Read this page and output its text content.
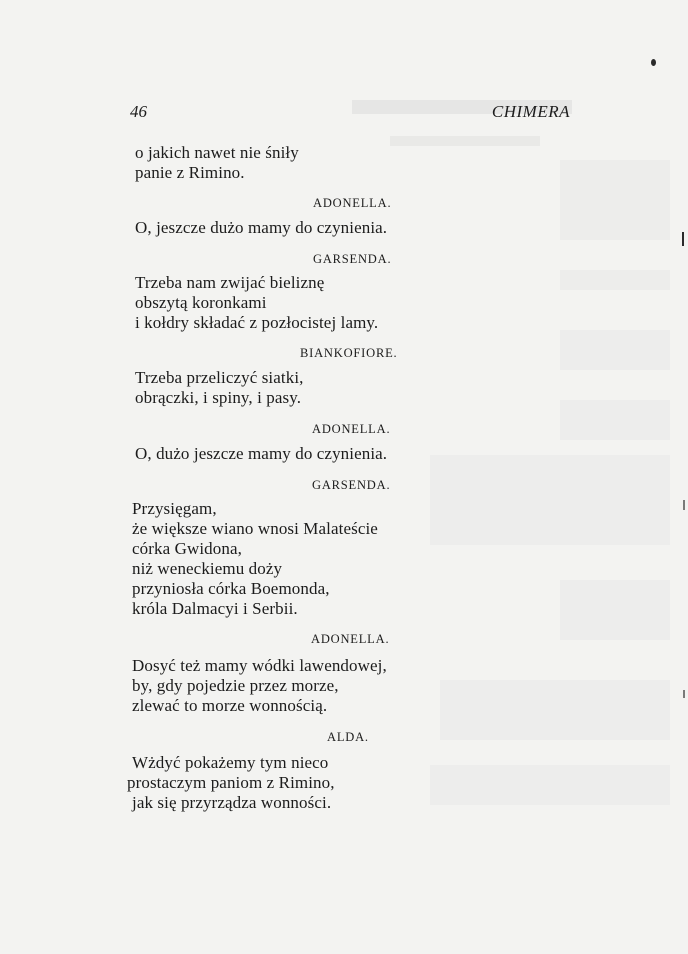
46	CHIMERA
o jakich nawet nie śniły
panie z Rimino.
ADONELLA.
O, jeszcze dużo mamy do czynienia.
GARSENDA.
Trzeba nam zwijać bieliznę
obszytą koronkami
i kołdry składać z pozłocistej lamy.
BIANKOFIORE.
Trzeba przeliczyć siatki,
obrączki, i spiny, i pasy.
ADONELLA.
O, dużo jeszcze mamy do czynienia.
GARSENDA.
Przysięgam,
że większe wiano wnosi Malateście
córka Gwidona,
niż weneckiemu doży
przyniosła córka Boemonda,
króla Dalmacyi i Serbii.
ADONELLA.
Dosyć też mamy wódki lawendowej,
by, gdy pojedzie przez morze,
zlewać to morze wonnością.
ALDA.
Wżdyć pokażemy tym nieco
prostaczym paniom z Rimino,
jak się przyrządza wonności.
